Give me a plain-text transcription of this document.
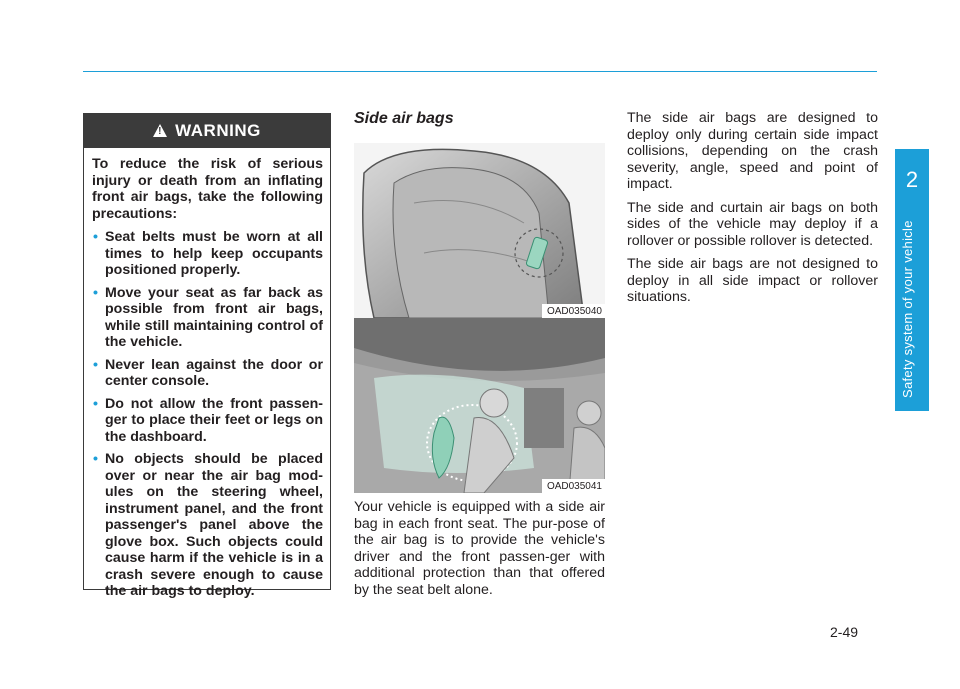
2
Safety system of your vehicle
!
WARNING

To reduce the risk of serious injury or death from an inflating front air bags, take the following precautions:

• Seat belts must be worn at all times to help keep occupants positioned properly.
• Move your seat as far back as possible from front air bags, while still maintaining control of the vehicle.
• Never lean against the door or center console.
• Do not allow the front passen-ger to place their feet or legs on the dashboard.
• No objects should be placed over or near the air bag mod-ules on the steering wheel, instrument panel, and the front passenger's panel above the glove box. Such objects could cause harm if the vehicle is in a crash severe enough to cause the air bags to deploy.
Side air bags
OAD035040
OAD035041
Your vehicle is equipped with a side air bag in each front seat. The pur-pose of the air bag is to provide the vehicle's driver and the front passen-ger with additional protection than that offered by the seat belt alone.

The side air bags are designed to deploy only during certain side impact collisions, depending on the crash severity, angle, speed and point of impact.

The side and curtain air bags on both sides of the vehicle may deploy if a rollover or possible rollover is detected.

The side air bags are not designed to deploy in all side impact or rollover situations.

2-49
